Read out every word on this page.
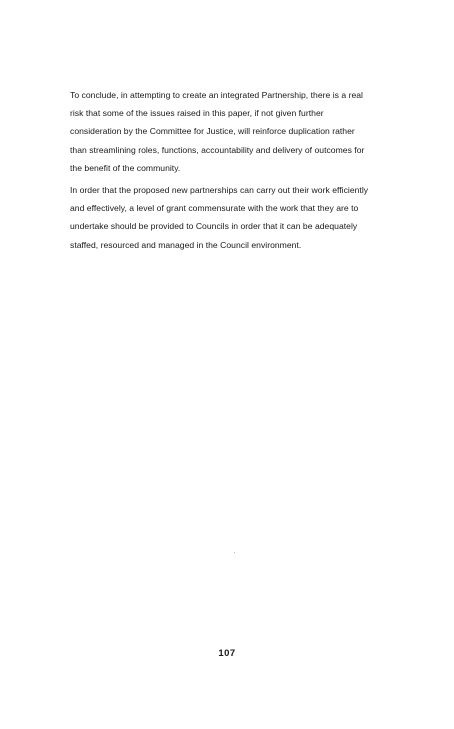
To conclude, in attempting to create an integrated Partnership, there is a real
risk that some of the issues raised in this paper, if not given further
consideration by the Committee for Justice, will reinforce duplication rather
than streamlining roles, functions, accountability and delivery of outcomes for
the benefit of the community.
In order that the proposed new partnerships can carry out their work efficiently
and effectively, a level of grant commensurate with the work that they are to
undertake should be provided to Councils in order that it can be adequately
staffed, resourced and managed in the Council environment.
107
